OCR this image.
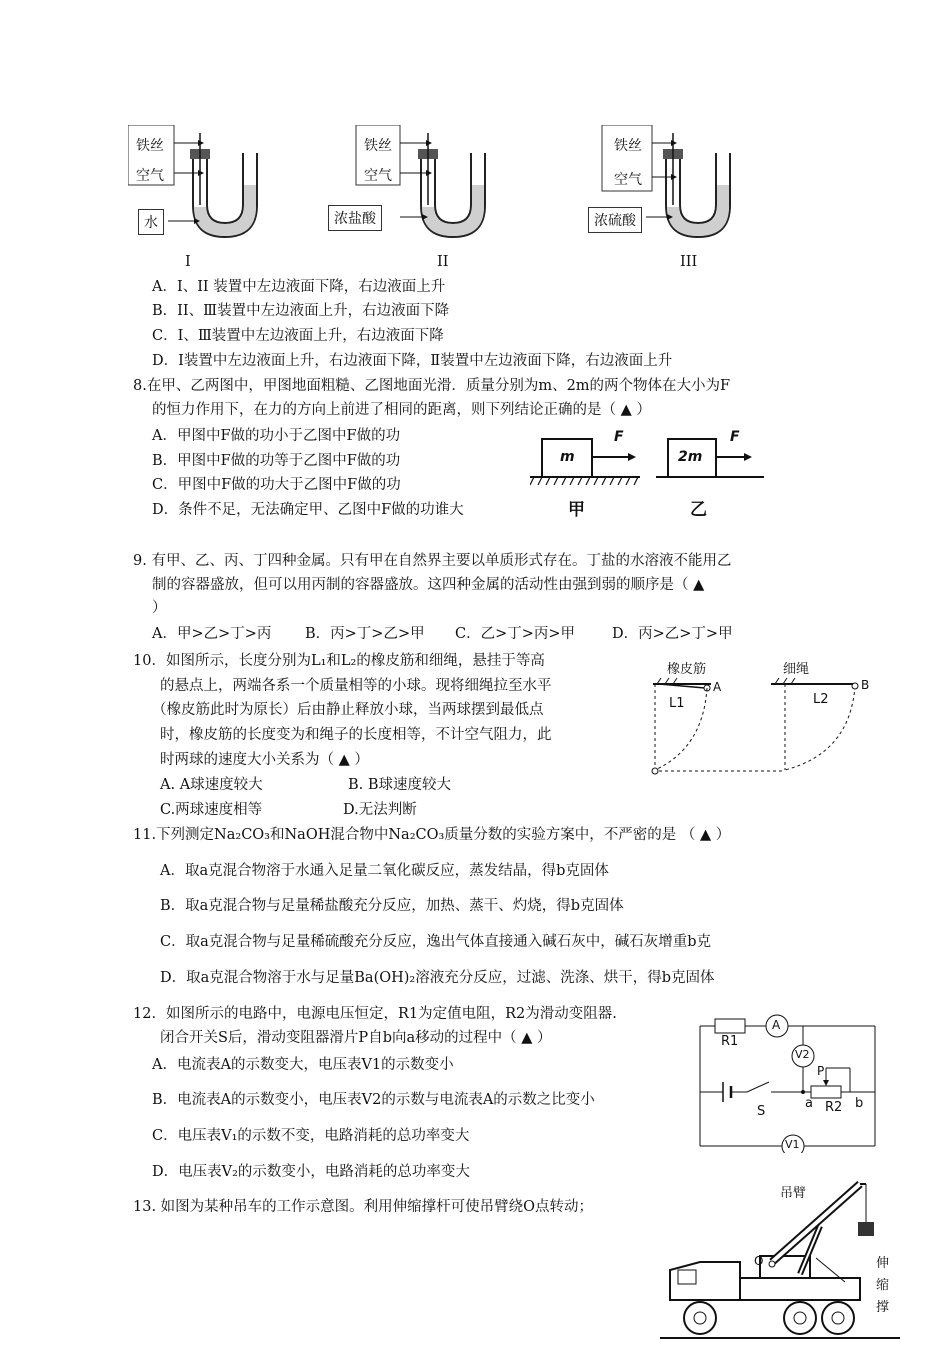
铁丝
空气
水
I
铁丝
空气
浓盐酸
II
铁丝
空气
浓硫酸
III
A．Ⅰ、II 装置中左边液面下降，右边液面上升
B．II、Ⅲ装置中左边液面上升，右边液面下降
C．Ⅰ、Ⅲ装置中左边液面上升，右边液面下降
D．Ⅰ装置中左边液面上升，右边液面下降，Ⅱ装置中左边液面下降，右边液面上升
8.在甲、乙两图中，甲图地面粗糙、乙图地面光滑．质量分别为m、2m的两个物体在大小为F
的恒力作用下，在力的方向上前进了相同的距离，则下列结论正确的是（ ▲ ）
A．甲图中F做的功小于乙图中F做的功
B．甲图中F做的功等于乙图中F做的功
C．甲图中F做的功大于乙图中F做的功
D．条件不足，无法确定甲、乙图中F做的功谁大
m
F
2m
F
甲	乙
9. 有甲、乙、丙、丁四种金属。只有甲在自然界主要以单质形式存在。丁盐的水溶液不能用乙
制的容器盛放，但可以用丙制的容器盛放。这四种金属的活动性由强到弱的顺序是（ ▲
）
A．甲>乙>丁>丙 B．丙>丁>乙>甲 C．乙>丁>丙>甲	D．丙>乙>丁>甲
10．如图所示，长度分别为L₁和L₂的橡皮筋和细绳，悬挂于等高
的悬点上，两端各系一个质量相等的小球。现将细绳拉至水平
（橡皮筋此时为原长）后由静止释放小球，当两球摆到最低点
时，橡皮筋的长度变为和绳子的长度相等，不计空气阻力，此
时两球的速度大小关系为（ ▲ ）
A. A球速度较大	B. B球速度较大
C.两球速度相等	D.无法判断
橡皮筋	细绳
L1	L2
A	B
11.下列测定Na₂CO₃和NaOH混合物中Na₂CO₃质量分数的实验方案中，不严密的是 （ ▲ ）
A．取a克混合物溶于水通入足量二氧化碳反应，蒸发结晶，得b克固体
B．取a克混合物与足量稀盐酸充分反应，加热、蒸干、灼烧，得b克固体
C．取a克混合物与足量稀硫酸充分反应，逸出气体直接通入碱石灰中，碱石灰增重b克
D．取a克混合物溶于水与足量Ba(OH)₂溶液充分反应，过滤、洗涤、烘干，得b克固体
12．如图所示的电路中，电源电压恒定，R1为定值电阻，R2为滑动变阻器.
闭合开关S后，滑动变阻器滑片P自b向a移动的过程中（ ▲ ）
A．电流表A的示数变大，电压表V1的示数变小
B．电流表A的示数变小，电压表V2的示数与电流表A的示数之比变小
C．电压表V₁的示数不变，电路消耗的总功率变大
D．电压表V₂的示数变小，电路消耗的总功率变大
R1
A
V2
P
S
a R2 b
V1
13. 如图为某种吊车的工作示意图。利用伸缩撑杆可使吊臂绕O点转动；
吊臂
O	伸
缩
撑
